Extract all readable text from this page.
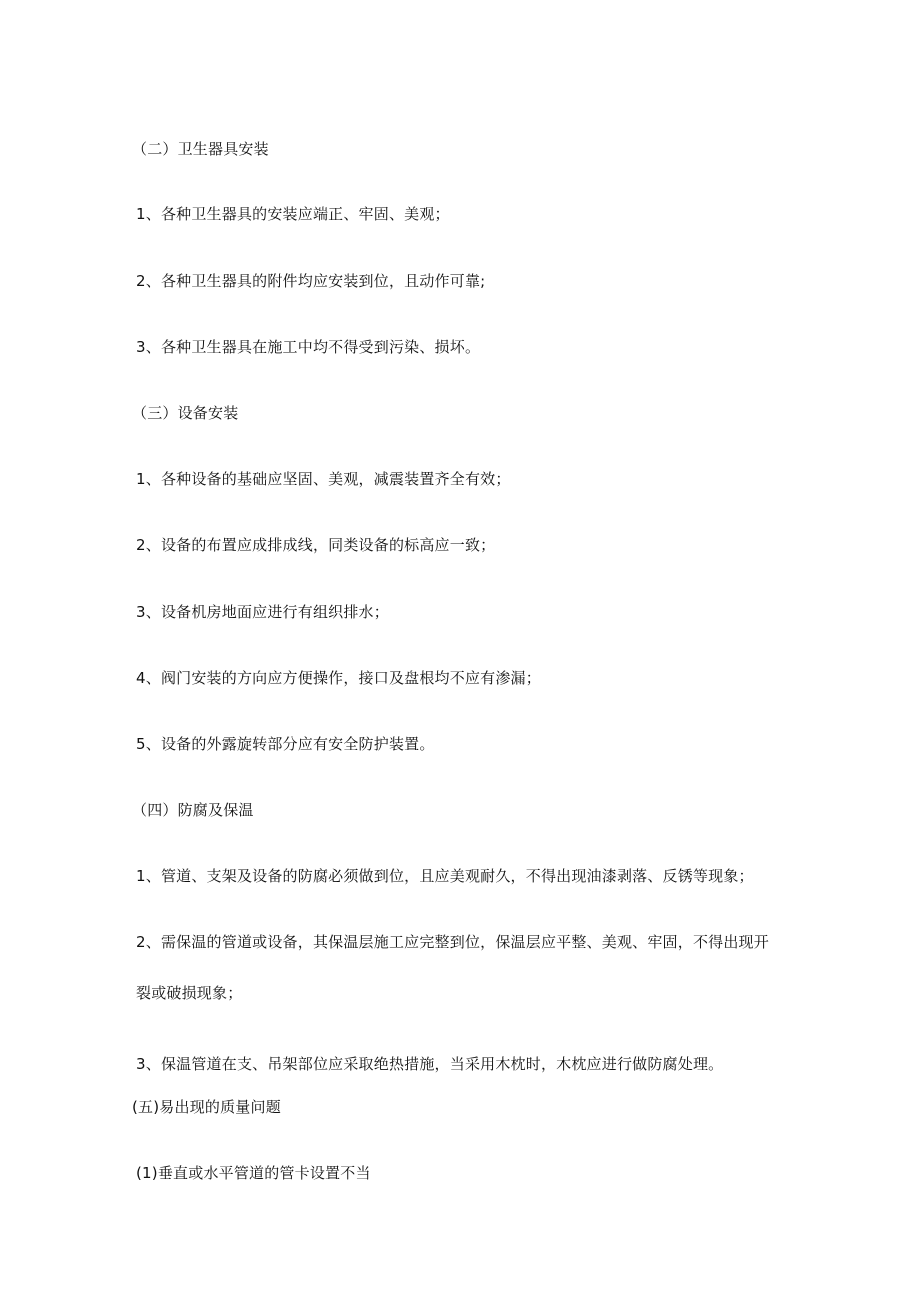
（二）卫生器具安装
1、各种卫生器具的安装应端正、牢固、美观；
2、各种卫生器具的附件均应安装到位，且动作可靠;
3、各种卫生器具在施工中均不得受到污染、损坏。
（三）设备安装
1、各种设备的基础应坚固、美观，减震装置齐全有效；
2、设备的布置应成排成线，同类设备的标高应一致；
3、设备机房地面应进行有组织排水；
4、阀门安装的方向应方便操作，接口及盘根均不应有渗漏；
5、设备的外露旋转部分应有安全防护装置。
（四）防腐及保温
1、管道、支架及设备的防腐必须做到位，且应美观耐久，不得出现油漆剥落、反锈等现象；
2、需保温的管道或设备，其保温层施工应完整到位，保温层应平整、美观、牢固，不得出现开
裂或破损现象；
3、保温管道在支、吊架部位应采取绝热措施，当采用木枕时，木枕应进行做防腐处理。
(五)易出现的质量问题
(1)垂直或水平管道的管卡设置不当
